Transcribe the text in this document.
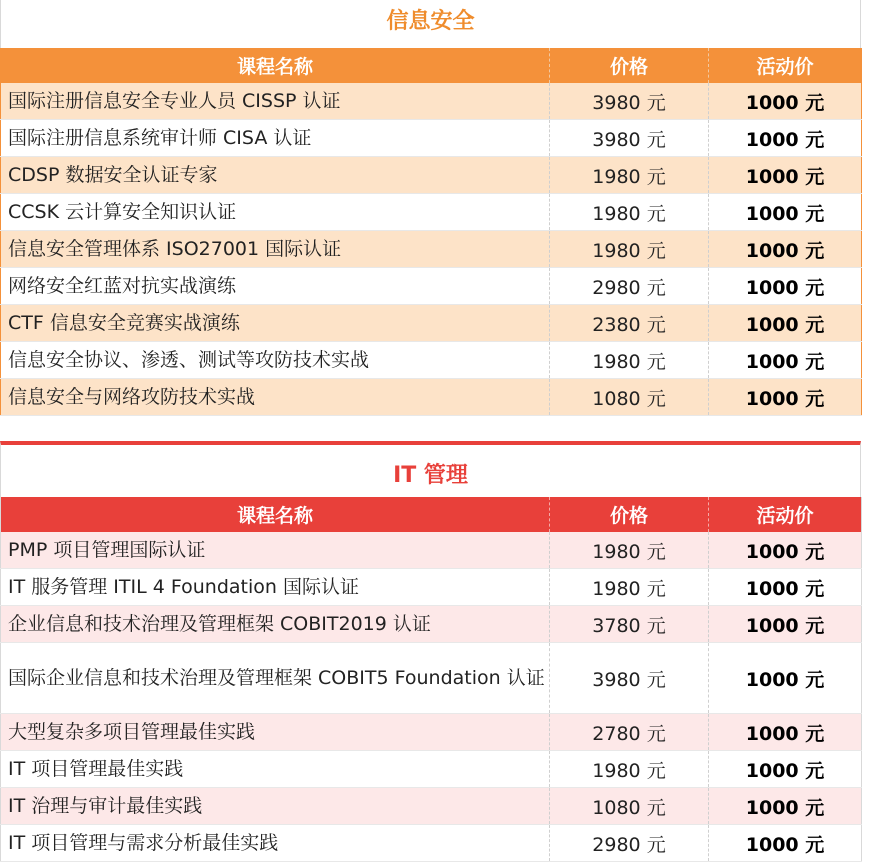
信息安全
课程名称	价格	活动价
国际注册信息安全专业人员 CISSP 认证	3980 元	1000 元
国际注册信息系统审计师 CISA 认证	3980 元	1000 元
CDSP 数据安全认证专家	1980 元	1000 元
CCSK 云计算安全知识认证	1980 元	1000 元
信息安全管理体系 ISO27001 国际认证	1980 元	1000 元
网络安全红蓝对抗实战演练	2980 元	1000 元
CTF 信息安全竞赛实战演练	2380 元	1000 元
信息安全协议、渗透、测试等攻防技术实战	1980 元	1000 元
信息安全与网络攻防技术实战	1080 元	1000 元
IT 管理
课程名称	价格	活动价
PMP 项目管理国际认证	1980 元	1000 元
IT 服务管理 ITIL 4 Foundation 国际认证	1980 元	1000 元
企业信息和技术治理及管理框架 COBIT2019 认证	3780 元	1000 元
国际企业信息和技术治理及管理框架 COBIT5 Foundation 认证	3980 元	1000 元
大型复杂多项目管理最佳实践	2780 元	1000 元
IT 项目管理最佳实践	1980 元	1000 元
IT 治理与审计最佳实践	1080 元	1000 元
IT 项目管理与需求分析最佳实践	2980 元	1000 元
